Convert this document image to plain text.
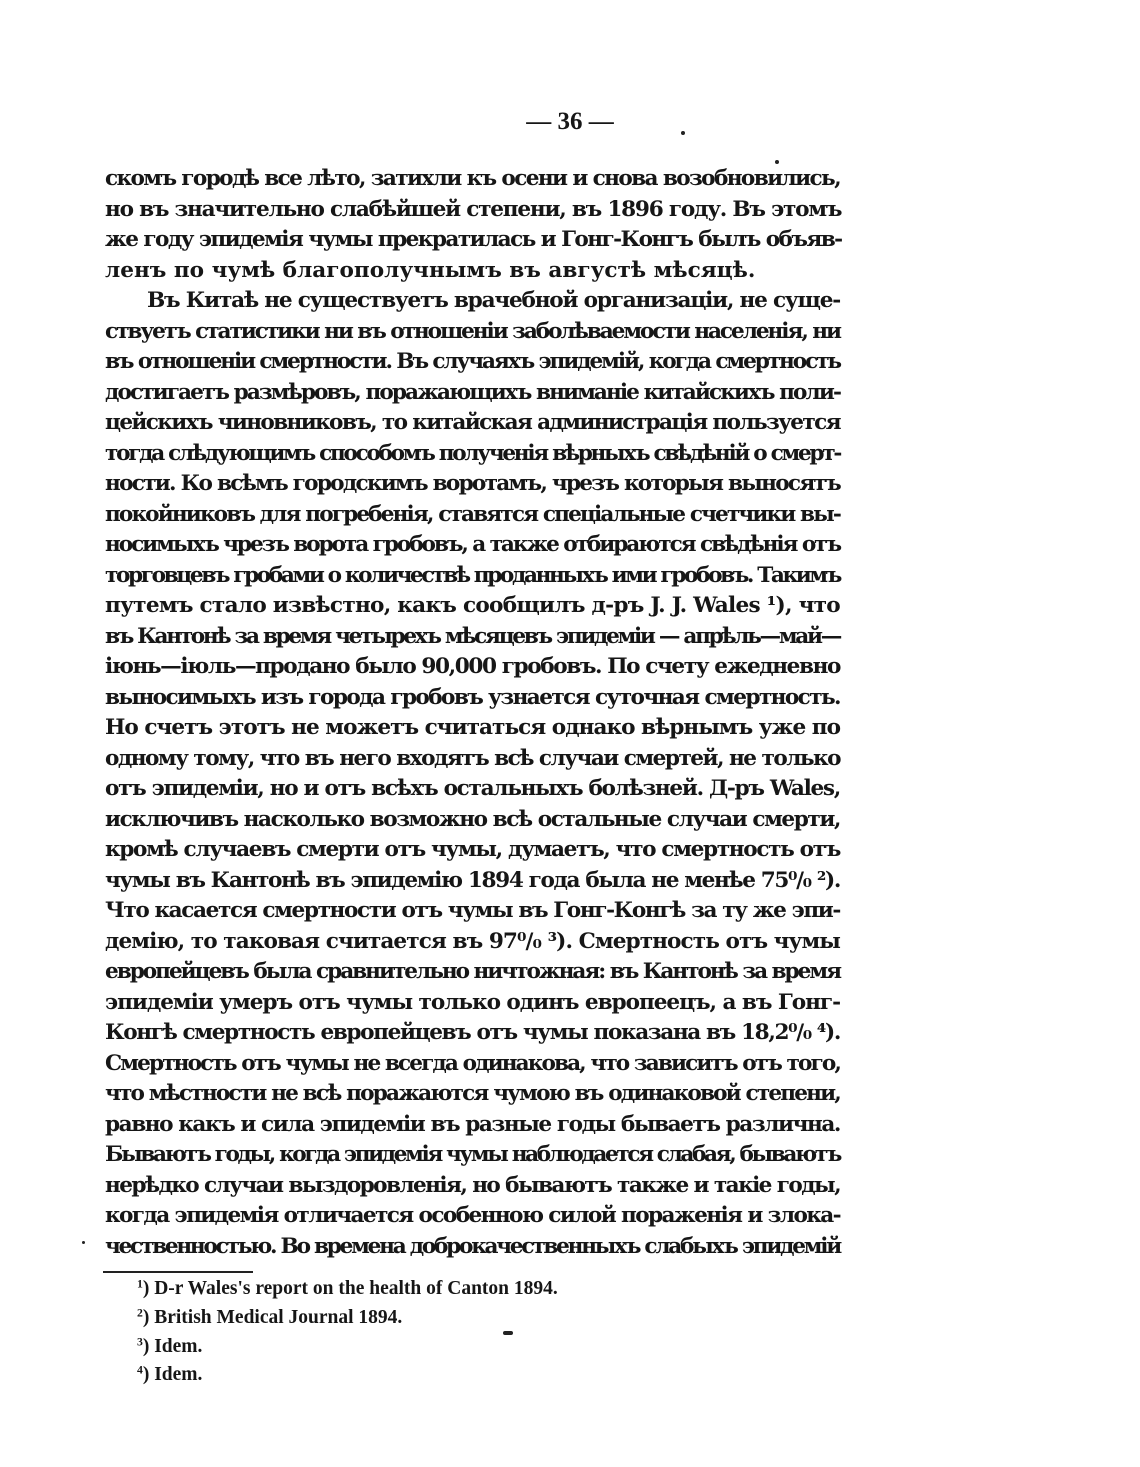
— 36 —
скомъ городѣ все лѣто, затихли къ осени и снова возобновились,
но въ значительно слабѣйшей степени, въ 1896 году. Въ этомъ
же году эпидемія чумы прекратилась и Гонг-Конгъ былъ объяв-
ленъ по чумѣ благополучнымъ въ августѣ мѣсяцѣ.
Въ Китаѣ не существуетъ врачебной организаціи, не суще-
ствуетъ статистики ни въ отношеніи заболѣваемости населенія, ни
въ отношеніи смертности. Въ случаяхъ эпидемій, когда смертность
достигаетъ размѣровъ, поражающихъ вниманіе китайскихъ поли-
цейскихъ чиновниковъ, то китайская администрація пользуется
тогда слѣдующимъ способомъ полученія вѣрныхъ свѣдѣній о смерт-
ности. Ко всѣмъ городскимъ воротамъ, чрезъ которыя выносятъ
покойниковъ для погребенія, ставятся спеціальные счетчики вы-
носимыхъ чрезъ ворота гробовъ, а также отбираются свѣдѣнія отъ
торговцевъ гробами о количествѣ проданныхъ ими гробовъ. Такимъ
путемъ стало извѣстно, какъ сообщилъ д-ръ J. J. Wales ¹), что
въ Кантонѣ за время четырехъ мѣсяцевъ эпидеміи — апрѣль—май—
іюнь—іюль—продано было 90,000 гробовъ. По счету ежедневно
выносимыхъ изъ города гробовъ узнается суточная смертность.
Но счетъ этотъ не можетъ считаться однако вѣрнымъ уже по
одному тому, что въ него входятъ всѣ случаи смертей, не только
отъ эпидеміи, но и отъ всѣхъ остальныхъ болѣзней. Д-ръ Wales,
исключивъ насколько возможно всѣ остальные случаи смерти,
кромѣ случаевъ смерти отъ чумы, думаетъ, что смертность отъ
чумы въ Кантонѣ въ эпидемію 1894 года была не менѣе 75⁰/₀ ²).
Что касается смертности отъ чумы въ Гонг-Конгѣ за ту же эпи-
демію, то таковая считается въ 97⁰/₀ ³). Смертность отъ чумы
европейцевъ была сравнительно ничтожная: въ Кантонѣ за время
эпидеміи умеръ отъ чумы только одинъ европеецъ, а въ Гонг-
Конгѣ смертность европейцевъ отъ чумы показана въ 18,2⁰/₀ ⁴).
Смертность отъ чумы не всегда одинакова, что зависитъ отъ того,
что мѣстности не всѣ поражаются чумою въ одинаковой степени,
равно какъ и сила эпидеміи въ разные годы бываетъ различна.
Бываютъ годы, когда эпидемія чумы наблюдается слабая, бываютъ
нерѣдко случаи выздоровленія, но бываютъ также и такіе годы,
когда эпидемія отличается особенною силой пораженія и злока-
чественностью. Во времена доброкачественныхъ слабыхъ эпидемій
$^1$) D-r Wales's report on the health of Canton 1894.
$^2$) British Medical Journal 1894.
$^3$) Idem.
$^4$) Idem.
